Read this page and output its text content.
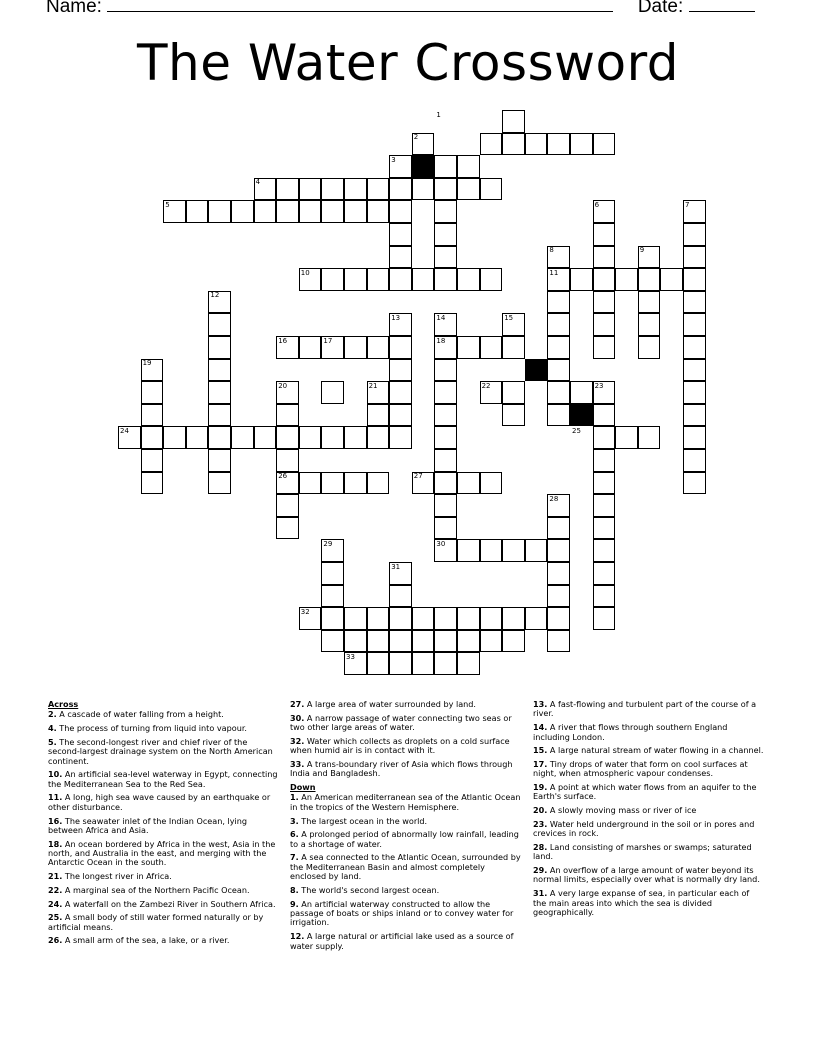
Name:	Date:
The Water Crossword
1
2
3
4
5	6	7
8	9
10	11
12
13	14	15
16	17	18
19
20	21	22	23
24	25
26	27
28
29	30
31
32
33
Across
2. A cascade of water falling from a height.
4. The process of turning from liquid into vapour.
5. The second-longest river and chief river of the second-largest drainage system on the North American continent.
10. An artificial sea-level waterway in Egypt, connecting the Mediterranean Sea to the Red Sea.
11. A long, high sea wave caused by an earthquake or other disturbance.
16. The seawater inlet of the Indian Ocean, lying between Africa and Asia.
18. An ocean bordered by Africa in the west, Asia in the north, and Australia in the east, and merging with the Antarctic Ocean in the south.
21. The longest river in Africa.
22. A marginal sea of the Northern Pacific Ocean.
24. A waterfall on the Zambezi River in Southern Africa.
25. A small body of still water formed naturally or by artificial means.
26. A small arm of the sea, a lake, or a river.
27. A large area of water surrounded by land.
30. A narrow passage of water connecting two seas or two other large areas of water.
32. Water which collects as droplets on a cold surface when humid air is in contact with it.
33. A trans-boundary river of Asia which flows through India and Bangladesh.
Down
1. An American mediterranean sea of the Atlantic Ocean in the tropics of the Western Hemisphere.
3. The largest ocean in the world.
6. A prolonged period of abnormally low rainfall, leading to a shortage of water.
7. A sea connected to the Atlantic Ocean, surrounded by the Mediterranean Basin and almost completely enclosed by land.
8. The world's second largest ocean.
9. An artificial waterway constructed to allow the passage of boats or ships inland or to convey water for irrigation.
12. A large natural or artificial lake used as a source of water supply.
13. A fast-flowing and turbulent part of the course of a river.
14. A river that flows through southern England including London.
15. A large natural stream of water flowing in a channel.
17. Tiny drops of water that form on cool surfaces at night, when atmospheric vapour condenses.
19. A point at which water flows from an aquifer to the Earth's surface.
20. A slowly moving mass or river of ice
23. Water held underground in the soil or in pores and crevices in rock.
28. Land consisting of marshes or swamps; saturated land.
29. An overflow of a large amount of water beyond its normal limits, especially over what is normally dry land.
31. A very large expanse of sea, in particular each of the main areas into which the sea is divided geographically.
